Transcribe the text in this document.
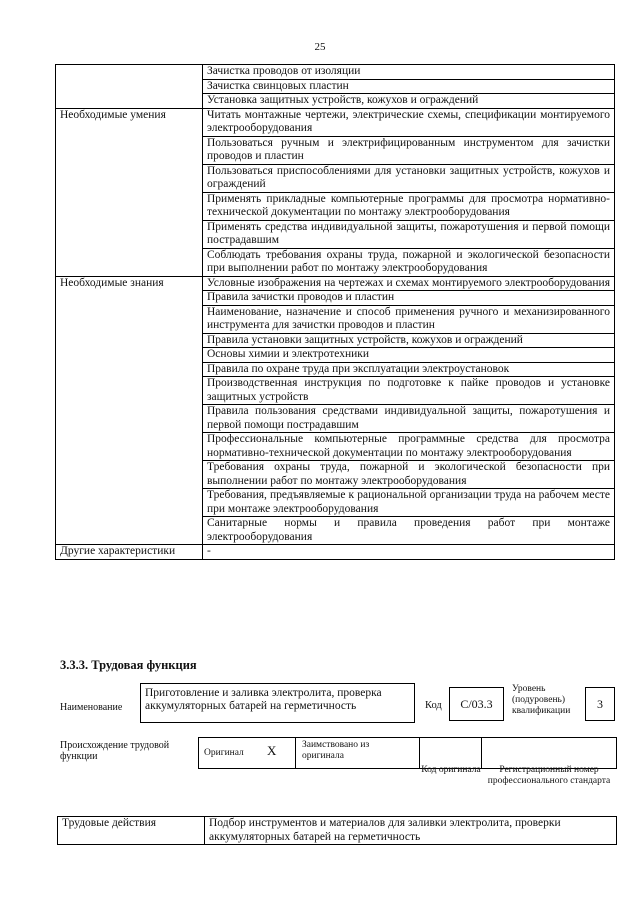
25
	Зачистка проводов от изоляции
	Зачистка свинцовых пластин
	Установка защитных устройств, кожухов и ограждений
Необходимые умения	Читать монтажные чертежи, электрические схемы, спецификации монтируемого электрооборудования
	Пользоваться ручным и электрифицированным инструментом для зачистки проводов и пластин
	Пользоваться приспособлениями для установки защитных устройств, кожухов и ограждений
	Применять прикладные компьютерные программы для просмотра нормативно-технической документации по монтажу электрооборудования
	Применять средства индивидуальной защиты, пожаротушения и первой помощи пострадавшим
	Соблюдать требования охраны труда, пожарной и экологической безопасности при выполнении работ по монтажу электрооборудования
Необходимые знания	Условные изображения на чертежах и схемах монтируемого электрооборудования
	Правила зачистки проводов и пластин
	Наименование, назначение и способ применения ручного и механизированного инструмента для зачистки проводов и пластин
	Правила установки защитных устройств, кожухов и ограждений
	Основы химии и электротехники
	Правила по охране труда при эксплуатации электроустановок
	Производственная инструкция по подготовке к пайке проводов и установке защитных устройств
	Правила пользования средствами индивидуальной защиты, пожаротушения и первой помощи пострадавшим
	Профессиональные компьютерные программные средства для просмотра нормативно-технической документации по монтажу электрооборудования
	Требования охраны труда, пожарной и экологической безопасности при выполнении работ по монтажу электрооборудования
	Требования, предъявляемые к рациональной организации труда на рабочем месте при монтаже электрооборудования
	Санитарные нормы и правила проведения работ при монтаже электрооборудования
Другие характеристики	-
3.3.3. Трудовая функция
Наименование
Приготовление и заливка электролита, проверка аккумуляторных батарей на герметичность	Код	C/03.3
Уровень (подуровень) квалификации	3
Происхождение трудовой функции	Оригинал X	Заимствовано из оригинала
Код оригинала	Регистрационный номер профессионального стандарта
Трудовые действия	Подбор инструментов и материалов для заливки электролита, проверки аккумуляторных батарей на герметичность
